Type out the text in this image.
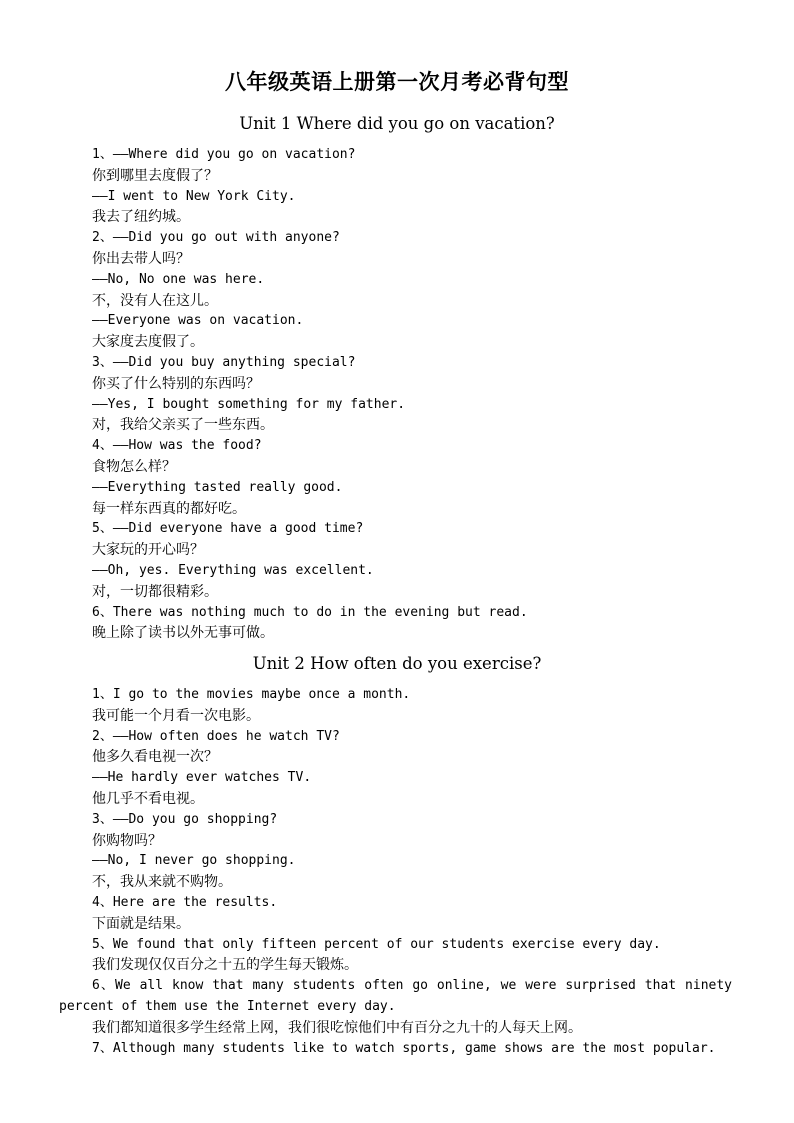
八年级英语上册第一次月考必背句型
Unit 1 Where did you go on vacation?
1、——Where did you go on vacation?
你到哪里去度假了？
——I went to New York City.
我去了纽约城。
2、——Did you go out with anyone?
你出去带人吗？
——No, No one was here.
不，没有人在这儿。
——Everyone was on vacation.
大家度去度假了。
3、——Did you buy anything special?
你买了什么特别的东西吗？
——Yes, I bought something for my father.
对，我给父亲买了一些东西。
4、——How was the food?
食物怎么样？
——Everything tasted really good.
每一样东西真的都好吃。
5、——Did everyone have a good time?
大家玩的开心吗？
——Oh, yes. Everything was excellent.
对，一切都很精彩。
6、There was nothing much to do in the evening but read.
晚上除了读书以外无事可做。
Unit 2 How often do you exercise?
1、I go to the movies maybe once a month.
我可能一个月看一次电影。
2、——How often does he watch TV?
他多久看电视一次？
——He hardly ever watches TV.
他几乎不看电视。
3、——Do you go shopping?
你购物吗？
——No, I never go shopping.
不，我从来就不购物。
4、Here are the results.
下面就是结果。
5、We found that only fifteen percent of our students exercise every day.
我们发现仅仅百分之十五的学生每天锻炼。
6、We all know that many students often go online, we were surprised that ninety
percent of them use the Internet every day.
我们都知道很多学生经常上网，我们很吃惊他们中有百分之九十的人每天上网。
7、Although many students like to watch sports, game shows are the most popular.
